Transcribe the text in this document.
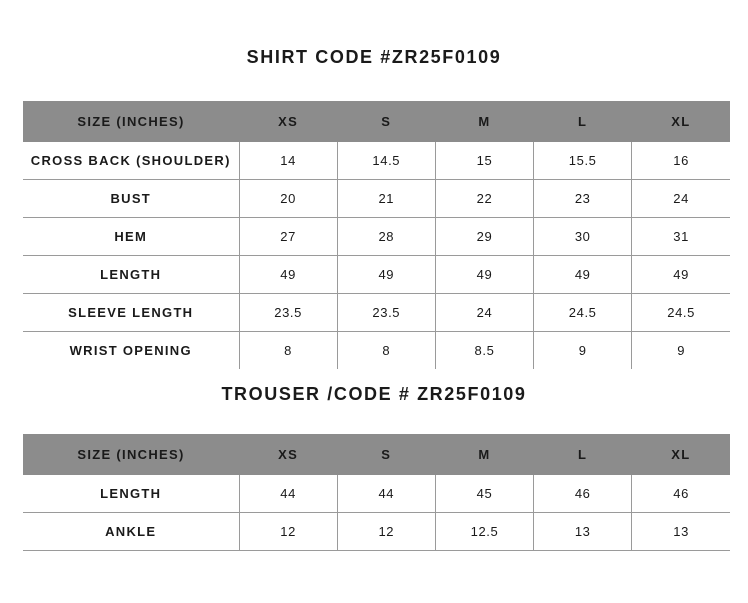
SHIRT CODE #ZR25F0109
SIZE (INCHES)	XS	S	M	L	XL
CROSS BACK (SHOULDER)	14	14.5	15	15.5	16
BUST	20	21	22	23	24
HEM	27	28	29	30	31
LENGTH	49	49	49	49	49
SLEEVE LENGTH	23.5	23.5	24	24.5	24.5
WRIST OPENING	8	8	8.5	9	9
TROUSER /CODE # ZR25F0109
SIZE (INCHES)	XS	S	M	L	XL
LENGTH	44	44	45	46	46
ANKLE	12	12	12.5	13	13
